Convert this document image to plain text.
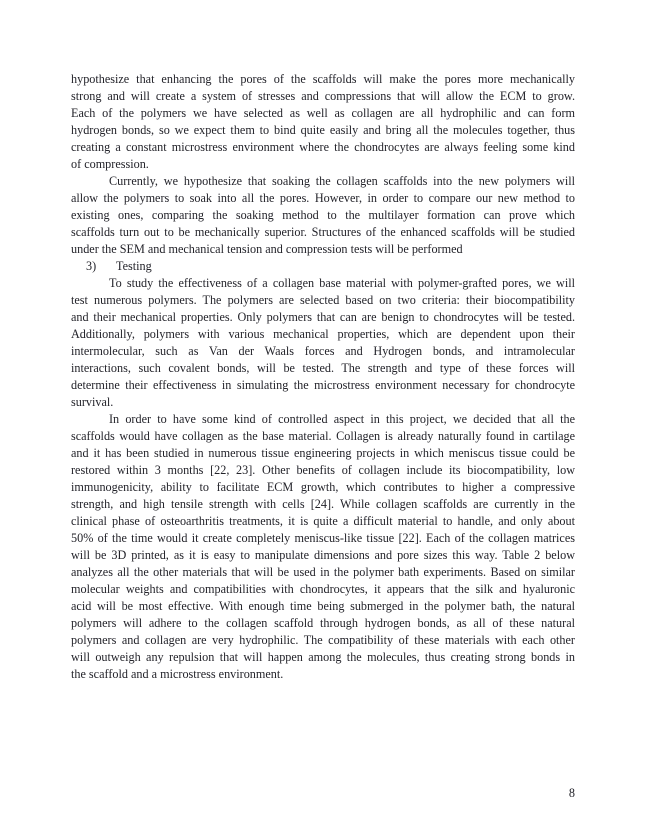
hypothesize that enhancing the pores of the scaffolds will make the pores more mechanically
strong and will create a system of stresses and compressions that will allow the ECM to grow.
Each of the polymers we have selected as well as collagen are all hydrophilic and can form
hydrogen bonds, so we expect them to bind quite easily and bring all the molecules together, thus
creating a constant microstress environment where the chondrocytes are always feeling some kind
of compression.
Currently, we hypothesize that soaking the collagen scaffolds into the new polymers will
allow the polymers to soak into all the pores. However, in order to compare our new method to
existing ones, comparing the soaking method to the multilayer formation can prove which
scaffolds turn out to be mechanically superior. Structures of the enhanced scaffolds will be studied
under the SEM and mechanical tension and compression tests will be performed
3) Testing
To study the effectiveness of a collagen base material with polymer-grafted pores, we will
test numerous polymers. The polymers are selected based on two criteria: their biocompatibility
and their mechanical properties. Only polymers that can are benign to chondrocytes will be tested.
Additionally, polymers with various mechanical properties, which are dependent upon their
intermolecular, such as Van der Waals forces and Hydrogen bonds, and intramolecular
interactions, such covalent bonds, will be tested. The strength and type of these forces will
determine their effectiveness in simulating the microstress environment necessary for chondrocyte
survival.
In order to have some kind of controlled aspect in this project, we decided that all the
scaffolds would have collagen as the base material. Collagen is already naturally found in cartilage
and it has been studied in numerous tissue engineering projects in which meniscus tissue could be
restored within 3 months [22, 23]. Other benefits of collagen include its biocompatibility, low
immunogenicity, ability to facilitate ECM growth, which contributes to higher a compressive
strength, and high tensile strength with cells [24]. While collagen scaffolds are currently in the
clinical phase of osteoarthritis treatments, it is quite a difficult material to handle, and only about
50% of the time would it create completely meniscus-like tissue [22]. Each of the collagen matrices
will be 3D printed, as it is easy to manipulate dimensions and pore sizes this way. Table 2 below
analyzes all the other materials that will be used in the polymer bath experiments. Based on similar
molecular weights and compatibilities with chondrocytes, it appears that the silk and hyaluronic
acid will be most effective. With enough time being submerged in the polymer bath, the natural
polymers will adhere to the collagen scaffold through hydrogen bonds, as all of these natural
polymers and collagen are very hydrophilic. The compatibility of these materials with each other
will outweigh any repulsion that will happen among the molecules, thus creating strong bonds in
the scaffold and a microstress environment.
8
